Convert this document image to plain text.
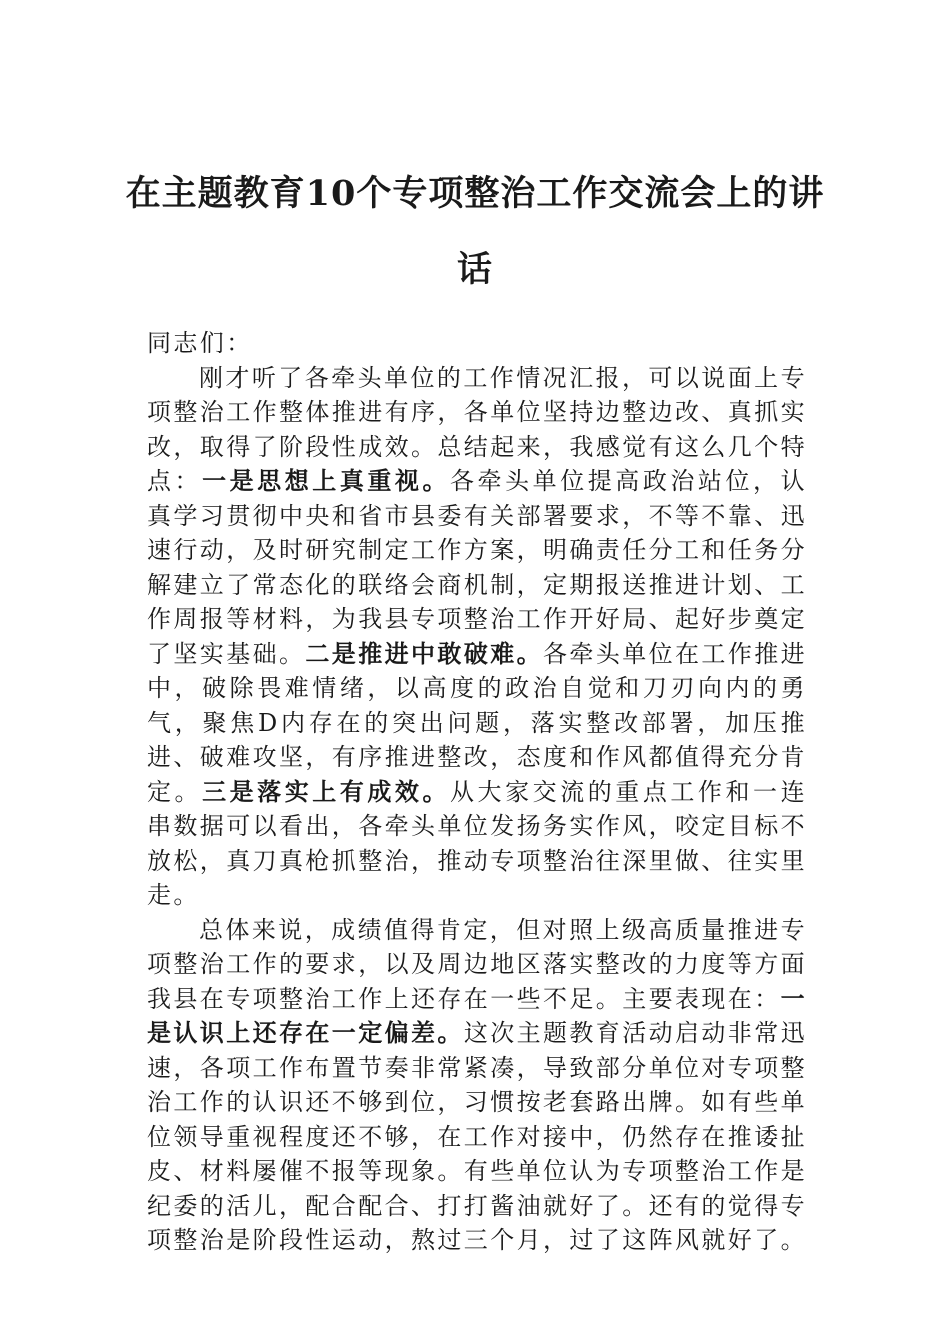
在主题教育10个专项整治工作交流会上的讲话

同志们：

刚才听了各牵头单位的工作情况汇报，可以说面上专项整治工作整体推进有序，各单位坚持边整边改、真抓实改，取得了阶段性成效。总结起来，我感觉有这么几个特点：一是思想上真重视。各牵头单位提高政治站位，认真学习贯彻中央和省市县委有关部署要求，不等不靠、迅速行动，及时研究制定工作方案，明确责任分工和任务分解建立了常态化的联络会商机制，定期报送推进计划、工作周报等材料，为我县专项整治工作开好局、起好步奠定了坚实基础。二是推进中敢破难。各牵头单位在工作推进中，破除畏难情绪，以高度的政治自觉和刀刃向内的勇气，聚焦D内存在的突出问题，落实整改部署，加压推进、破难攻坚，有序推进整改，态度和作风都值得充分肯定。三是落实上有成效。从大家交流的重点工作和一连串数据可以看出，各牵头单位发扬务实作风，咬定目标不放松，真刀真枪抓整治，推动专项整治往深里做、往实里走。

总体来说，成绩值得肯定，但对照上级高质量推进专项整治工作的要求，以及周边地区落实整改的力度等方面我县在专项整治工作上还存在一些不足。主要表现在：一是认识上还存在一定偏差。这次主题教育活动启动非常迅速，各项工作布置节奏非常紧凑，导致部分单位对专项整治工作的认识还不够到位，习惯按老套路出牌。如有些单位领导重视程度还不够，在工作对接中，仍然存在推诿扯皮、材料屡催不报等现象。有些单位认为专项整治工作是纪委的活儿，配合配合、打打酱油就好了。还有的觉得专项整治是阶段性运动，熬过三个月，过了这阵风就好了。
